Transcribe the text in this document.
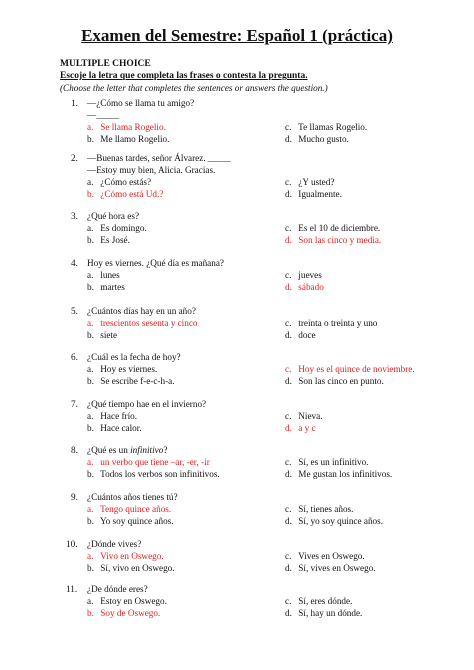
Examen del Semestre: Español 1 (práctica)
MULTIPLE CHOICE
Escoje la letra que completa las frases o contesta la pregunta.
(Choose the letter that completes the sentences or answers the question.)
1. —¿Cómo se llama tu amigo?
—_____
a. Se llama Rogelio.	c. Te llamas Rogelio.
b. Me llamo Rogelio.	d. Mucho gusto.
2. —Buenas tardes, señor Álvarez. _____
—Estoy muy bien, Alicia. Gracias.
a. ¿Cómo estás?	c. ¿Y usted?
b. ¿Cómo está Ud.?	d. Igualmente.
3. ¿Qué hora es?
a. Es domingo.	c. Es el 10 de diciembre.
b. Es José.	d. Son las cinco y media.
4. Hoy es viernes. ¿Qué día es mañana?
a. lunes	c. jueves
b. martes	d. sábado
5. ¿Cuántos días hay en un año?
a. trescientos sesenta y cinco	c. treinta o treinta y uno
b. siete	d. doce
6. ¿Cuál es la fecha de hoy?
a. Hoy es viernes.	c. Hoy es el quince de noviembre.
b. Se escribe f-e-c-h-a.	d. Son las cinco en punto.
7. ¿Qué tiempo hae en el invierno?
a. Hace frío.	c. Nieva.
b. Hace calor.	d. a y c
8. ¿Qué es un infinitivo?
a. un verbo que tiene –ar, -er, -ir	c. Sí, es un infinitivo.
b. Todos los verbos son infinitivos.	d. Me gustan los infinitivos.
9. ¿Cuántos años tienes tú?
a. Tengo quince años.	c. Sí, tienes años.
b. Yo soy quince años.	d. Sí, yo soy quince años.
10. ¿Dónde vives?
a. Vivo en Oswego.	c. Vives en Oswego.
b. Sí, vivo en Oswego.	d. Sí, vives en Oswego.
11. ¿De dónde eres?
a. Estoy en Oswego.	c. Sí, eres dónde.
b. Soy de Oswego.	d. Sí, hay un dónde.
